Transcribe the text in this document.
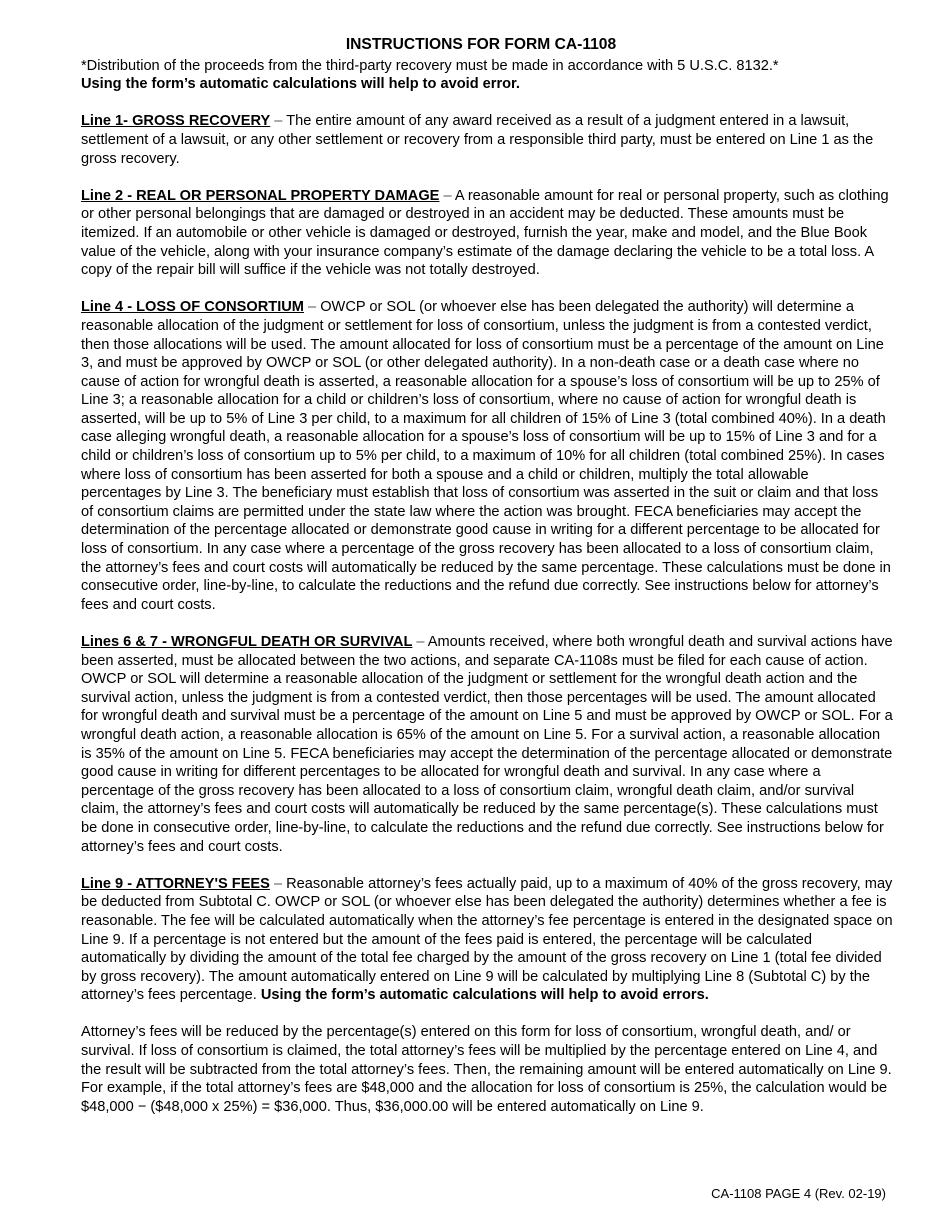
INSTRUCTIONS FOR FORM CA-1108

*Distribution of the proceeds from the third-party recovery must be made in accordance with 5 U.S.C. 8132.*

Using the form’s automatic calculations will help to avoid error.

Line 1- GROSS RECOVERY – The entire amount of any award received as a result of a judgment entered in a lawsuit, settlement of a lawsuit, or any other settlement or recovery from a responsible third party, must be entered on Line 1 as the gross recovery.

Line 2 - REAL OR PERSONAL PROPERTY DAMAGE – A reasonable amount for real or personal property, such as clothing or other personal belongings that are damaged or destroyed in an accident may be deducted. These amounts must be itemized. If an automobile or other vehicle is damaged or destroyed, furnish the year, make and model, and the Blue Book value of the vehicle, along with your insurance company’s estimate of the damage declaring the vehicle to be a total loss. A copy of the repair bill will suffice if the vehicle was not totally destroyed.

Line 4 - LOSS OF CONSORTIUM – OWCP or SOL (or whoever else has been delegated the authority) will determine a reasonable allocation of the judgment or settlement for loss of consortium, unless the judgment is from a contested verdict, then those allocations will be used. The amount allocated for loss of consortium must be a percentage of the amount on Line 3, and must be approved by OWCP or SOL (or other delegated authority). In a non-death case or a death case where no cause of action for wrongful death is asserted, a reasonable allocation for a spouse’s loss of consortium will be up to 25% of Line 3; a reasonable allocation for a child or children’s loss of consortium, where no cause of action for wrongful death is asserted, will be up to 5% of Line 3 per child, to a maximum for all children of 15% of Line 3 (total combined 40%). In a death case alleging wrongful death, a reasonable allocation for a spouse’s loss of consortium will be up to 15% of Line 3 and for a child or children’s loss of consortium up to 5% per child, to a maximum of 10% for all children (total combined 25%). In cases where loss of consortium has been asserted for both a spouse and a child or children, multiply the total allowable percentages by Line 3. The beneficiary must establish that loss of consortium was asserted in the suit or claim and that loss of consortium claims are permitted under the state law where the action was brought. FECA beneficiaries may accept the determination of the percentage allocated or demonstrate good cause in writing for a different percentage to be allocated for loss of consortium. In any case where a percentage of the gross recovery has been allocated to a loss of consortium claim, the attorney’s fees and court costs will automatically be reduced by the same percentage. These calculations must be done in consecutive order, line-by-line, to calculate the reductions and the refund due correctly. See instructions below for attorney’s fees and court costs.

Lines 6 & 7 - WRONGFUL DEATH OR SURVIVAL – Amounts received, where both wrongful death and survival actions have been asserted, must be allocated between the two actions, and separate CA-1108s must be filed for each cause of action. OWCP or SOL will determine a reasonable allocation of the judgment or settlement for the wrongful death action and the survival action, unless the judgment is from a contested verdict, then those percentages will be used. The amount allocated for wrongful death and survival must be a percentage of the amount on Line 5 and must be approved by OWCP or SOL. For a wrongful death action, a reasonable allocation is 65% of the amount on Line 5. For a survival action, a reasonable allocation is 35% of the amount on Line 5. FECA beneficiaries may accept the determination of the percentage allocated or demonstrate good cause in writing for different percentages to be allocated for wrongful death and survival. In any case where a percentage of the gross recovery has been allocated to a loss of consortium claim, wrongful death claim, and/or survival claim, the attorney’s fees and court costs will automatically be reduced by the same percentage(s). These calculations must be done in consecutive order, line-by-line, to calculate the reductions and the refund due correctly. See instructions below for attorney’s fees and court costs.

Line 9 - ATTORNEY'S FEES – Reasonable attorney’s fees actually paid, up to a maximum of 40% of the gross recovery, may be deducted from Subtotal C. OWCP or SOL (or whoever else has been delegated the authority) determines whether a fee is reasonable. The fee will be calculated automatically when the attorney’s fee percentage is entered in the designated space on Line 9. If a percentage is not entered but the amount of the fees paid is entered, the percentage will be calculated automatically by dividing the amount of the total fee charged by the amount of the gross recovery on Line 1 (total fee divided by gross recovery). The amount automatically entered on Line 9 will be calculated by multiplying Line 8 (Subtotal C) by the attorney’s fees percentage. Using the form’s automatic calculations will help to avoid errors.

Attorney’s fees will be reduced by the percentage(s) entered on this form for loss of consortium, wrongful death, and/ or survival. If loss of consortium is claimed, the total attorney’s fees will be multiplied by the percentage entered on Line 4, and the result will be subtracted from the total attorney’s fees. Then, the remaining amount will be entered automatically on Line 9. For example, if the total attorney’s fees are $48,000 and the allocation for loss of consortium is 25%, the calculation would be $48,000 − ($48,000 x 25%) = $36,000. Thus, $36,000.00 will be entered automatically on Line 9.

CA-1108 PAGE 4 (Rev. 02-19)
